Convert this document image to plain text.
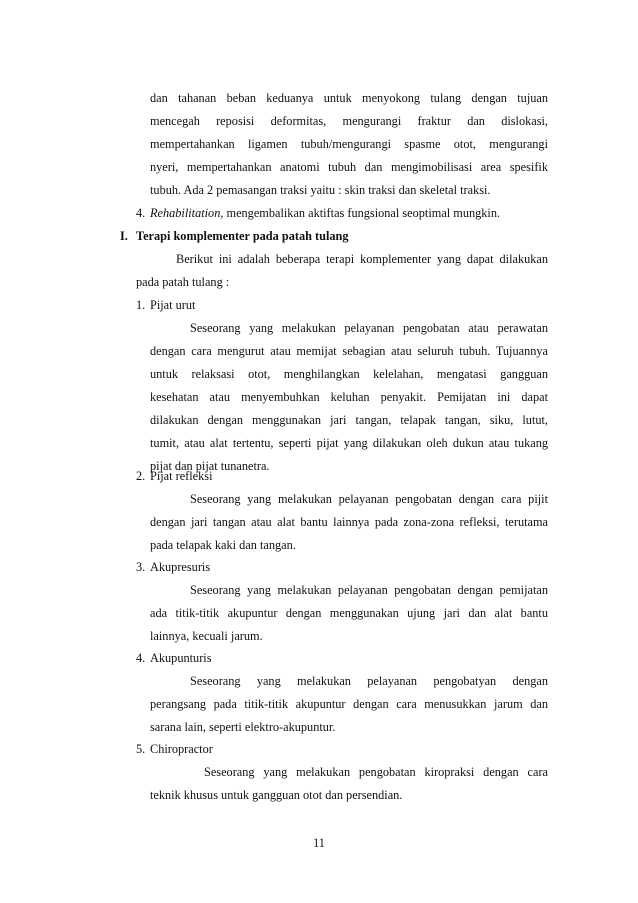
dan tahanan beban keduanya untuk menyokong tulang dengan tujuan
mencegah reposisi deformitas, mengurangi fraktur dan dislokasi,
mempertahankan ligamen tubuh/mengurangi spasme otot, mengurangi
nyeri, mempertahankan anatomi tubuh dan mengimobilisasi area spesifik
tubuh. Ada 2 pemasangan traksi yaitu : skin traksi dan skeletal traksi.
4. Rehabilitation, mengembalikan aktiftas fungsional seoptimal mungkin.
I. Terapi komplementer pada patah tulang
Berikut ini adalah beberapa terapi komplementer yang dapat dilakukan
pada patah tulang :
1. Pijat urut
Seseorang yang melakukan pelayanan pengobatan atau perawatan
dengan cara mengurut atau memijat sebagian atau seluruh tubuh. Tujuannya
untuk relaksasi otot, menghilangkan kelelahan, mengatasi gangguan
kesehatan atau menyembuhkan keluhan penyakit. Pemijatan ini dapat
dilakukan dengan menggunakan jari tangan, telapak tangan, siku, lutut,
tumit, atau alat tertentu, seperti pijat yang dilakukan oleh dukun atau tukang
pijat dan pijat tunanetra.
2. Pijat refleksi
Seseorang yang melakukan pelayanan pengobatan dengan cara pijit
dengan jari tangan atau alat bantu lainnya pada zona-zona refleksi, terutama
pada telapak kaki dan tangan.
3. Akupresuris
Seseorang yang melakukan pelayanan pengobatan dengan pemijatan
ada titik-titik akupuntur dengan menggunakan ujung jari dan alat bantu
lainnya, kecuali jarum.
4. Akupunturis
Seseorang yang melakukan pelayanan pengobatyan dengan
perangsang pada titik-titik akupuntur dengan cara menusukkan jarum dan
sarana lain, seperti elektro-akupuntur.
5. Chiropractor
Seseorang yang melakukan pengobatan kiropraksi dengan cara
teknik khusus untuk gangguan otot dan persendian.
11
